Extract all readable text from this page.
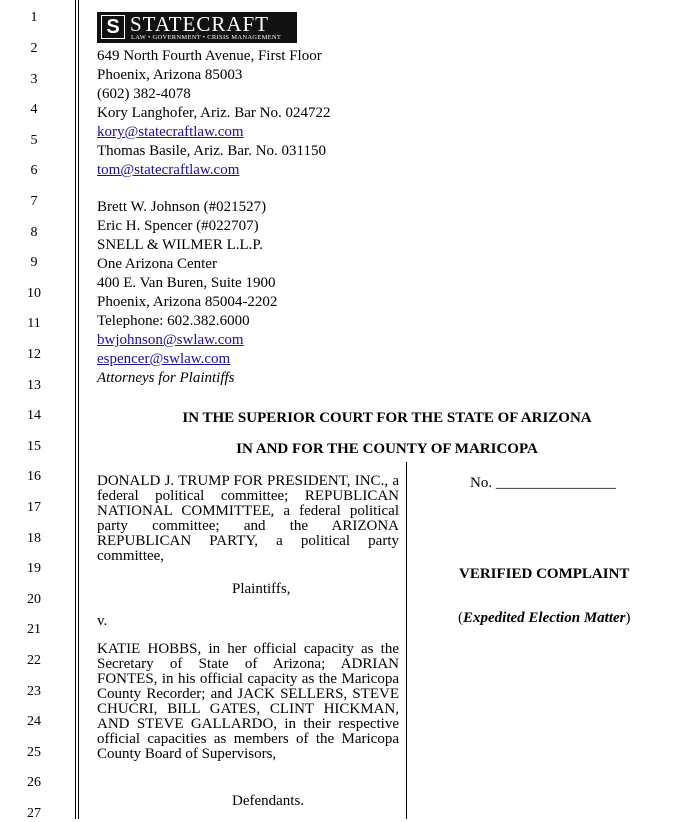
1
2
3
4
5
6
7
8
9
10
11
12
13
14
15
16
17
18
19
20
21
22
23
24
25
26
27
S STATECRAFT
LAW • GOVERNMENT • CRISIS MANAGEMENT
649 North Fourth Avenue, First Floor
Phoenix, Arizona 85003
(602) 382-4078
Kory Langhofer, Ariz. Bar No. 024722
kory@statecraftlaw.com
Thomas Basile, Ariz. Bar. No. 031150
tom@statecraftlaw.com
Brett W. Johnson (#021527)
Eric H. Spencer (#022707)
SNELL & WILMER L.L.P.
One Arizona Center
400 E. Van Buren, Suite 1900
Phoenix, Arizona 85004-2202
Telephone: 602.382.6000
bwjohnson@swlaw.com
espencer@swlaw.com
Attorneys for Plaintiffs
IN THE SUPERIOR COURT FOR THE STATE OF ARIZONA
IN AND FOR THE COUNTY OF MARICOPA
DONALD J. TRUMP FOR PRESIDENT, INC., a federal political committee; REPUBLICAN NATIONAL COMMITTEE, a federal political party committee; and the ARIZONA REPUBLICAN PARTY, a political party committee,
Plaintiffs,
v.
KATIE HOBBS, in her official capacity as the Secretary of State of Arizona; ADRIAN FONTES, in his official capacity as the Maricopa County Recorder; and JACK SELLERS, STEVE CHUCRI, BILL GATES, CLINT HICKMAN, AND STEVE GALLARDO, in their respective official capacities as members of the Maricopa County Board of Supervisors,
Defendants.
No. ________________
VERIFIED COMPLAINT
(Expedited Election Matter)
